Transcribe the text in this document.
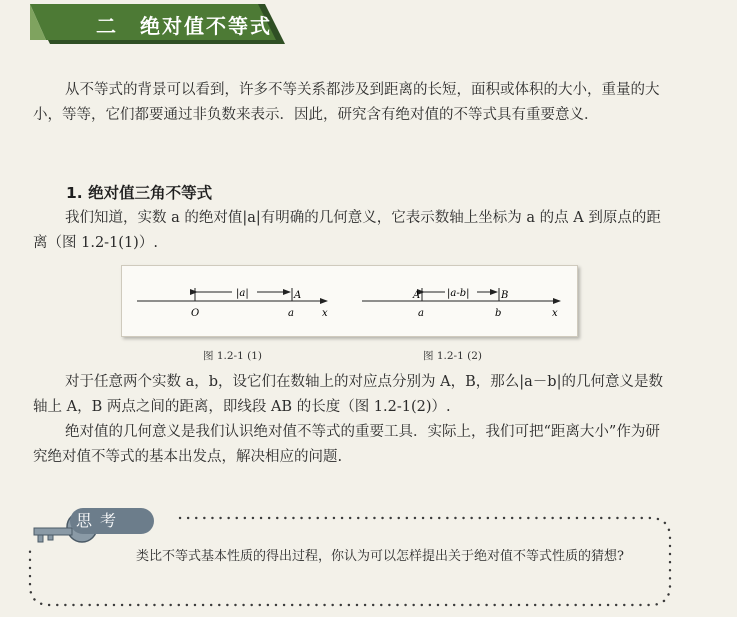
二　绝对值不等式

从不等式的背景可以看到，许多不等关系都涉及到距离的长短，面积或体积的大小，重量的大小，等等，它们都要通过非负数来表示．因此，研究含有绝对值的不等式具有重要意义．

1. 绝对值三角不等式

我们知道，实数 a 的绝对值|a|有明确的几何意义，它表示数轴上坐标为 a 的点 A 到原点的距离（图 1.2-1(1)）.

|a|	A
O	a	x
|a-b|
A	B
a	b	x
图 1.2-1 (1)	图 1.2-1 (2)

对于任意两个实数 a，b，设它们在数轴上的对应点分别为 A，B，那么|a－b|的几何意义是数轴上 A，B 两点之间的距离，即线段 AB 的长度（图 1.2-1(2)）.

绝对值的几何意义是我们认识绝对值不等式的重要工具．实际上，我们可把“距离大小”作为研究绝对值不等式的基本出发点，解决相应的问题.

思考

类比不等式基本性质的得出过程，你认为可以怎样提出关于绝对值不等式性质的猜想?
